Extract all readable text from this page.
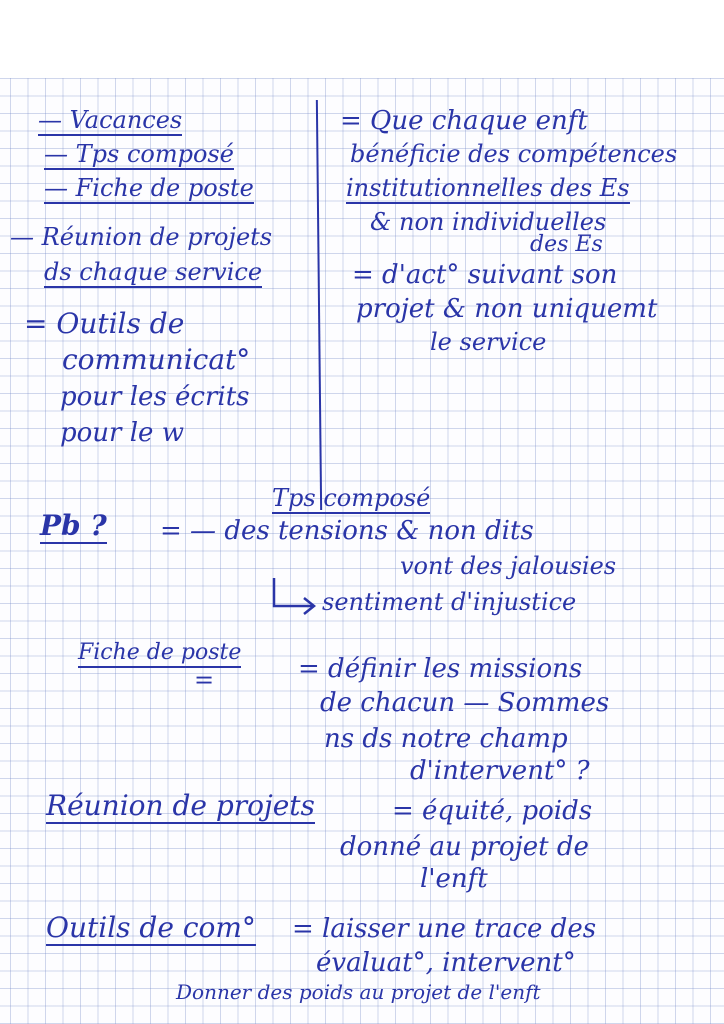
— Vacances
— Tps composé
— Fiche de poste
— Réunion de projets
ds chaque service
= Outils de
communicat°
pour les écrits
pour le w
= Que chaque enft
bénéficie des compétences
institutionnelles des Es
& non individuelles
des Es
= d'act° suivant son
projet & non uniquemt
le service
Tps composé
Pb ? = — des tensions & non dits
vont des jalousies
sentiment d'injustice
Fiche de poste
=	= définir les missions
de chacun — Sommes
ns ds notre champ
d'intervent° ?
Réunion de projets	= équité, poids
donné au projet de
l'enft
Outils de com° = laisser une trace des
évaluat°, intervent°
Donner des poids au projet de l'enft
